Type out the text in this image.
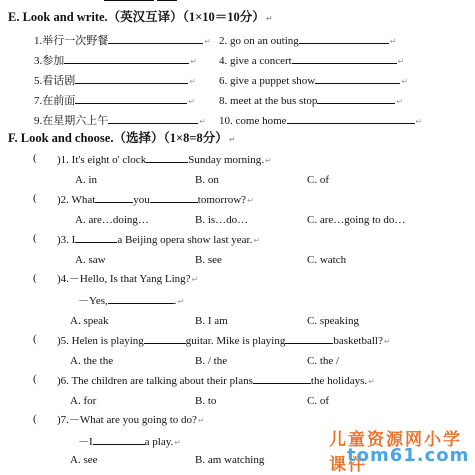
E. Look and write.（英汉互译）（1×10＝10分）↵
1.举行一次野餐	↵ 2. go on an outing	↵
3.参加	↵ 4. give a concert	↵
5.看话剧	↵ 6. give a puppet show	↵
7.在前面	↵ 8. meet at the bus stop	↵
9.在星期六上午	↵ 10. come home	↵
F. Look and choose.（选择）（1×8=8分）↵
( )1. It's eight o' clock	Sunday morning.↵
A. in	B. on	C. of
( )2. What	you	tomorrow?↵
A. are…doing…	B. is…do…	C. are…going to do…
( )3. I	a Beijing opera show last year.↵
A. saw	B. see	C. watch
( )4.－Hello, Is that Yang Ling?↵
－Yes,	.↵
A. speak	B. I am	C. speaking
( )5. Helen is playing	guitar. Mike is playing	basketball?↵
A. the the	B. / the	C. the /
( )6. The children are talking about their plans	the holidays.↵
A. for	B. to	C. of
( )7.－What are you going to do?↵
－I	a play.↵
A. see	B. am watching
儿童资源网小学课件
tom61.com
